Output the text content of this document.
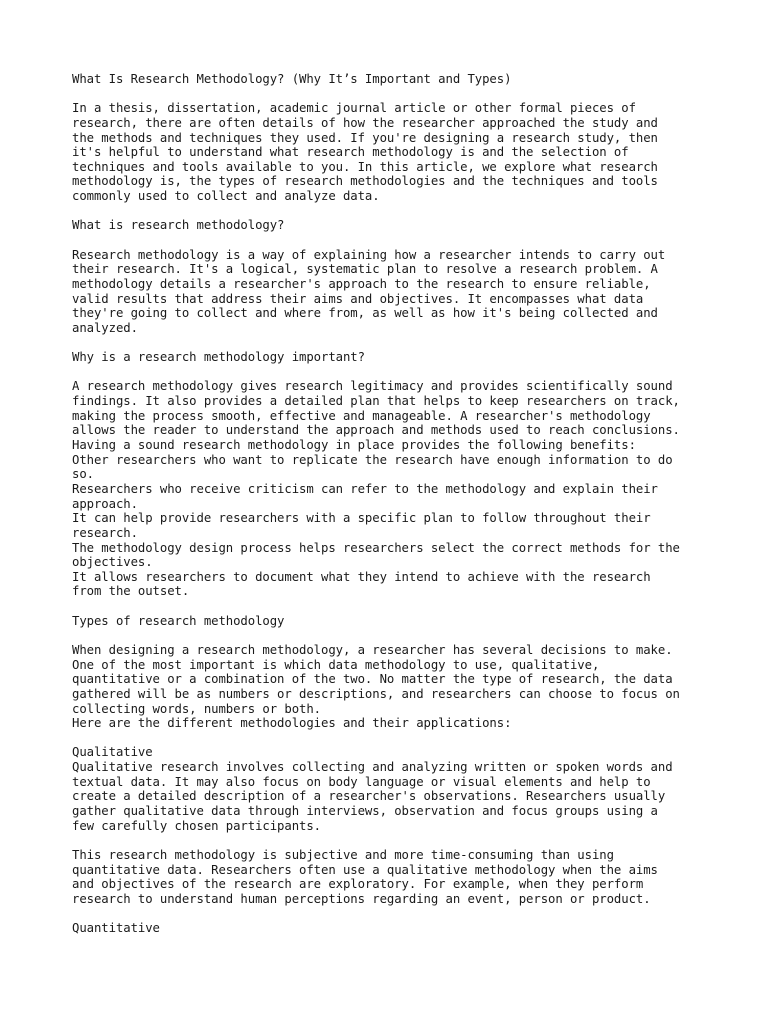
What Is Research Methodology? (Why It’s Important and Types)
In a thesis, dissertation, academic journal article or other formal pieces of
research, there are often details of how the researcher approached the study and
the methods and techniques they used. If you're designing a research study, then
it's helpful to understand what research methodology is and the selection of
techniques and tools available to you. In this article, we explore what research
methodology is, the types of research methodologies and the techniques and tools
commonly used to collect and analyze data.
What is research methodology?
Research methodology is a way of explaining how a researcher intends to carry out
their research. It's a logical, systematic plan to resolve a research problem. A
methodology details a researcher's approach to the research to ensure reliable,
valid results that address their aims and objectives. It encompasses what data
they're going to collect and where from, as well as how it's being collected and
analyzed.
Why is a research methodology important?
A research methodology gives research legitimacy and provides scientifically sound
findings. It also provides a detailed plan that helps to keep researchers on track,
making the process smooth, effective and manageable. A researcher's methodology
allows the reader to understand the approach and methods used to reach conclusions.
Having a sound research methodology in place provides the following benefits:
Other researchers who want to replicate the research have enough information to do
so.
Researchers who receive criticism can refer to the methodology and explain their
approach.
It can help provide researchers with a specific plan to follow throughout their
research.
The methodology design process helps researchers select the correct methods for the
objectives.
It allows researchers to document what they intend to achieve with the research
from the outset.
Types of research methodology
When designing a research methodology, a researcher has several decisions to make.
One of the most important is which data methodology to use, qualitative,
quantitative or a combination of the two. No matter the type of research, the data
gathered will be as numbers or descriptions, and researchers can choose to focus on
collecting words, numbers or both.
Here are the different methodologies and their applications:
Qualitative
Qualitative research involves collecting and analyzing written or spoken words and
textual data. It may also focus on body language or visual elements and help to
create a detailed description of a researcher's observations. Researchers usually
gather qualitative data through interviews, observation and focus groups using a
few carefully chosen participants.
This research methodology is subjective and more time-consuming than using
quantitative data. Researchers often use a qualitative methodology when the aims
and objectives of the research are exploratory. For example, when they perform
research to understand human perceptions regarding an event, person or product.
Quantitative
